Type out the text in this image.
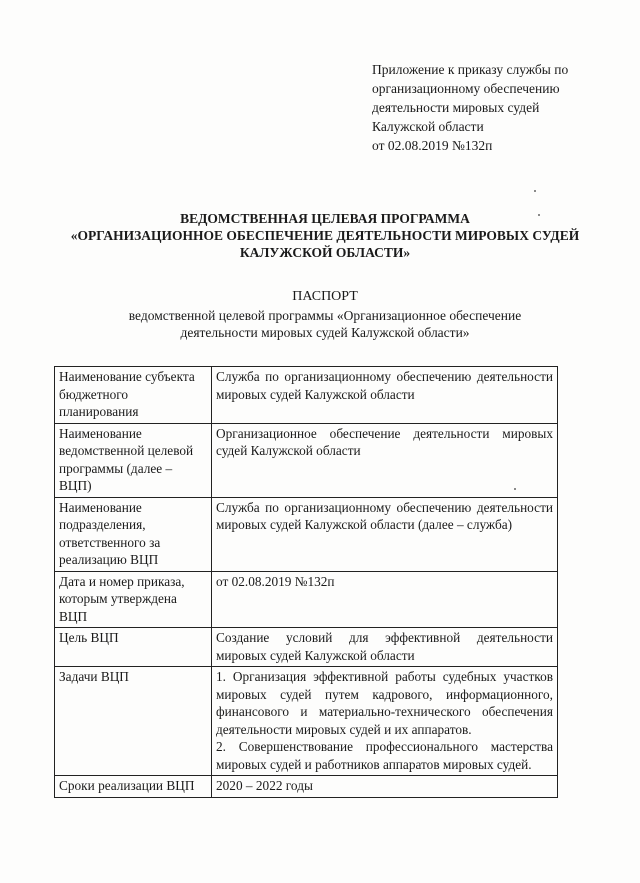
Приложение к приказу службы по
организационному обеспечению
деятельности мировых судей
Калужской области
от 02.08.2019 №132п
ВЕДОМСТВЕННАЯ ЦЕЛЕВАЯ ПРОГРАММА
«ОРГАНИЗАЦИОННОЕ ОБЕСПЕЧЕНИЕ ДЕЯТЕЛЬНОСТИ МИРОВЫХ СУДЕЙ
КАЛУЖСКОЙ ОБЛАСТИ»
ПАСПОРТ
ведомственной целевой программы «Организационное обеспечение
деятельности мировых судей Калужской области»
Наименование субъекта бюджетного планирования	Служба по организационному обеспечению деятельности мировых судей Калужской области
Наименование ведомственной целевой программы (далее – ВЦП)	Организационное обеспечение деятельности мировых судей Калужской области
Наименование подразделения, ответственного за реализацию ВЦП	Служба по организационному обеспечению деятельности мировых судей Калужской области (далее – служба)
Дата и номер приказа, которым утверждена ВЦП	от 02.08.2019 №132п
Цель ВЦП	Создание условий для эффективной деятельности мировых судей Калужской области
Задачи ВЦП	1. Организация эффективной работы судебных участков мировых судей путем кадрового, информационного, финансового и материально-технического обеспечения деятельности мировых судей и их аппаратов.
2. Совершенствование профессионального мастерства мировых судей и работников аппаратов мировых судей.

Сроки реализации ВЦП	2020 – 2022 годы
